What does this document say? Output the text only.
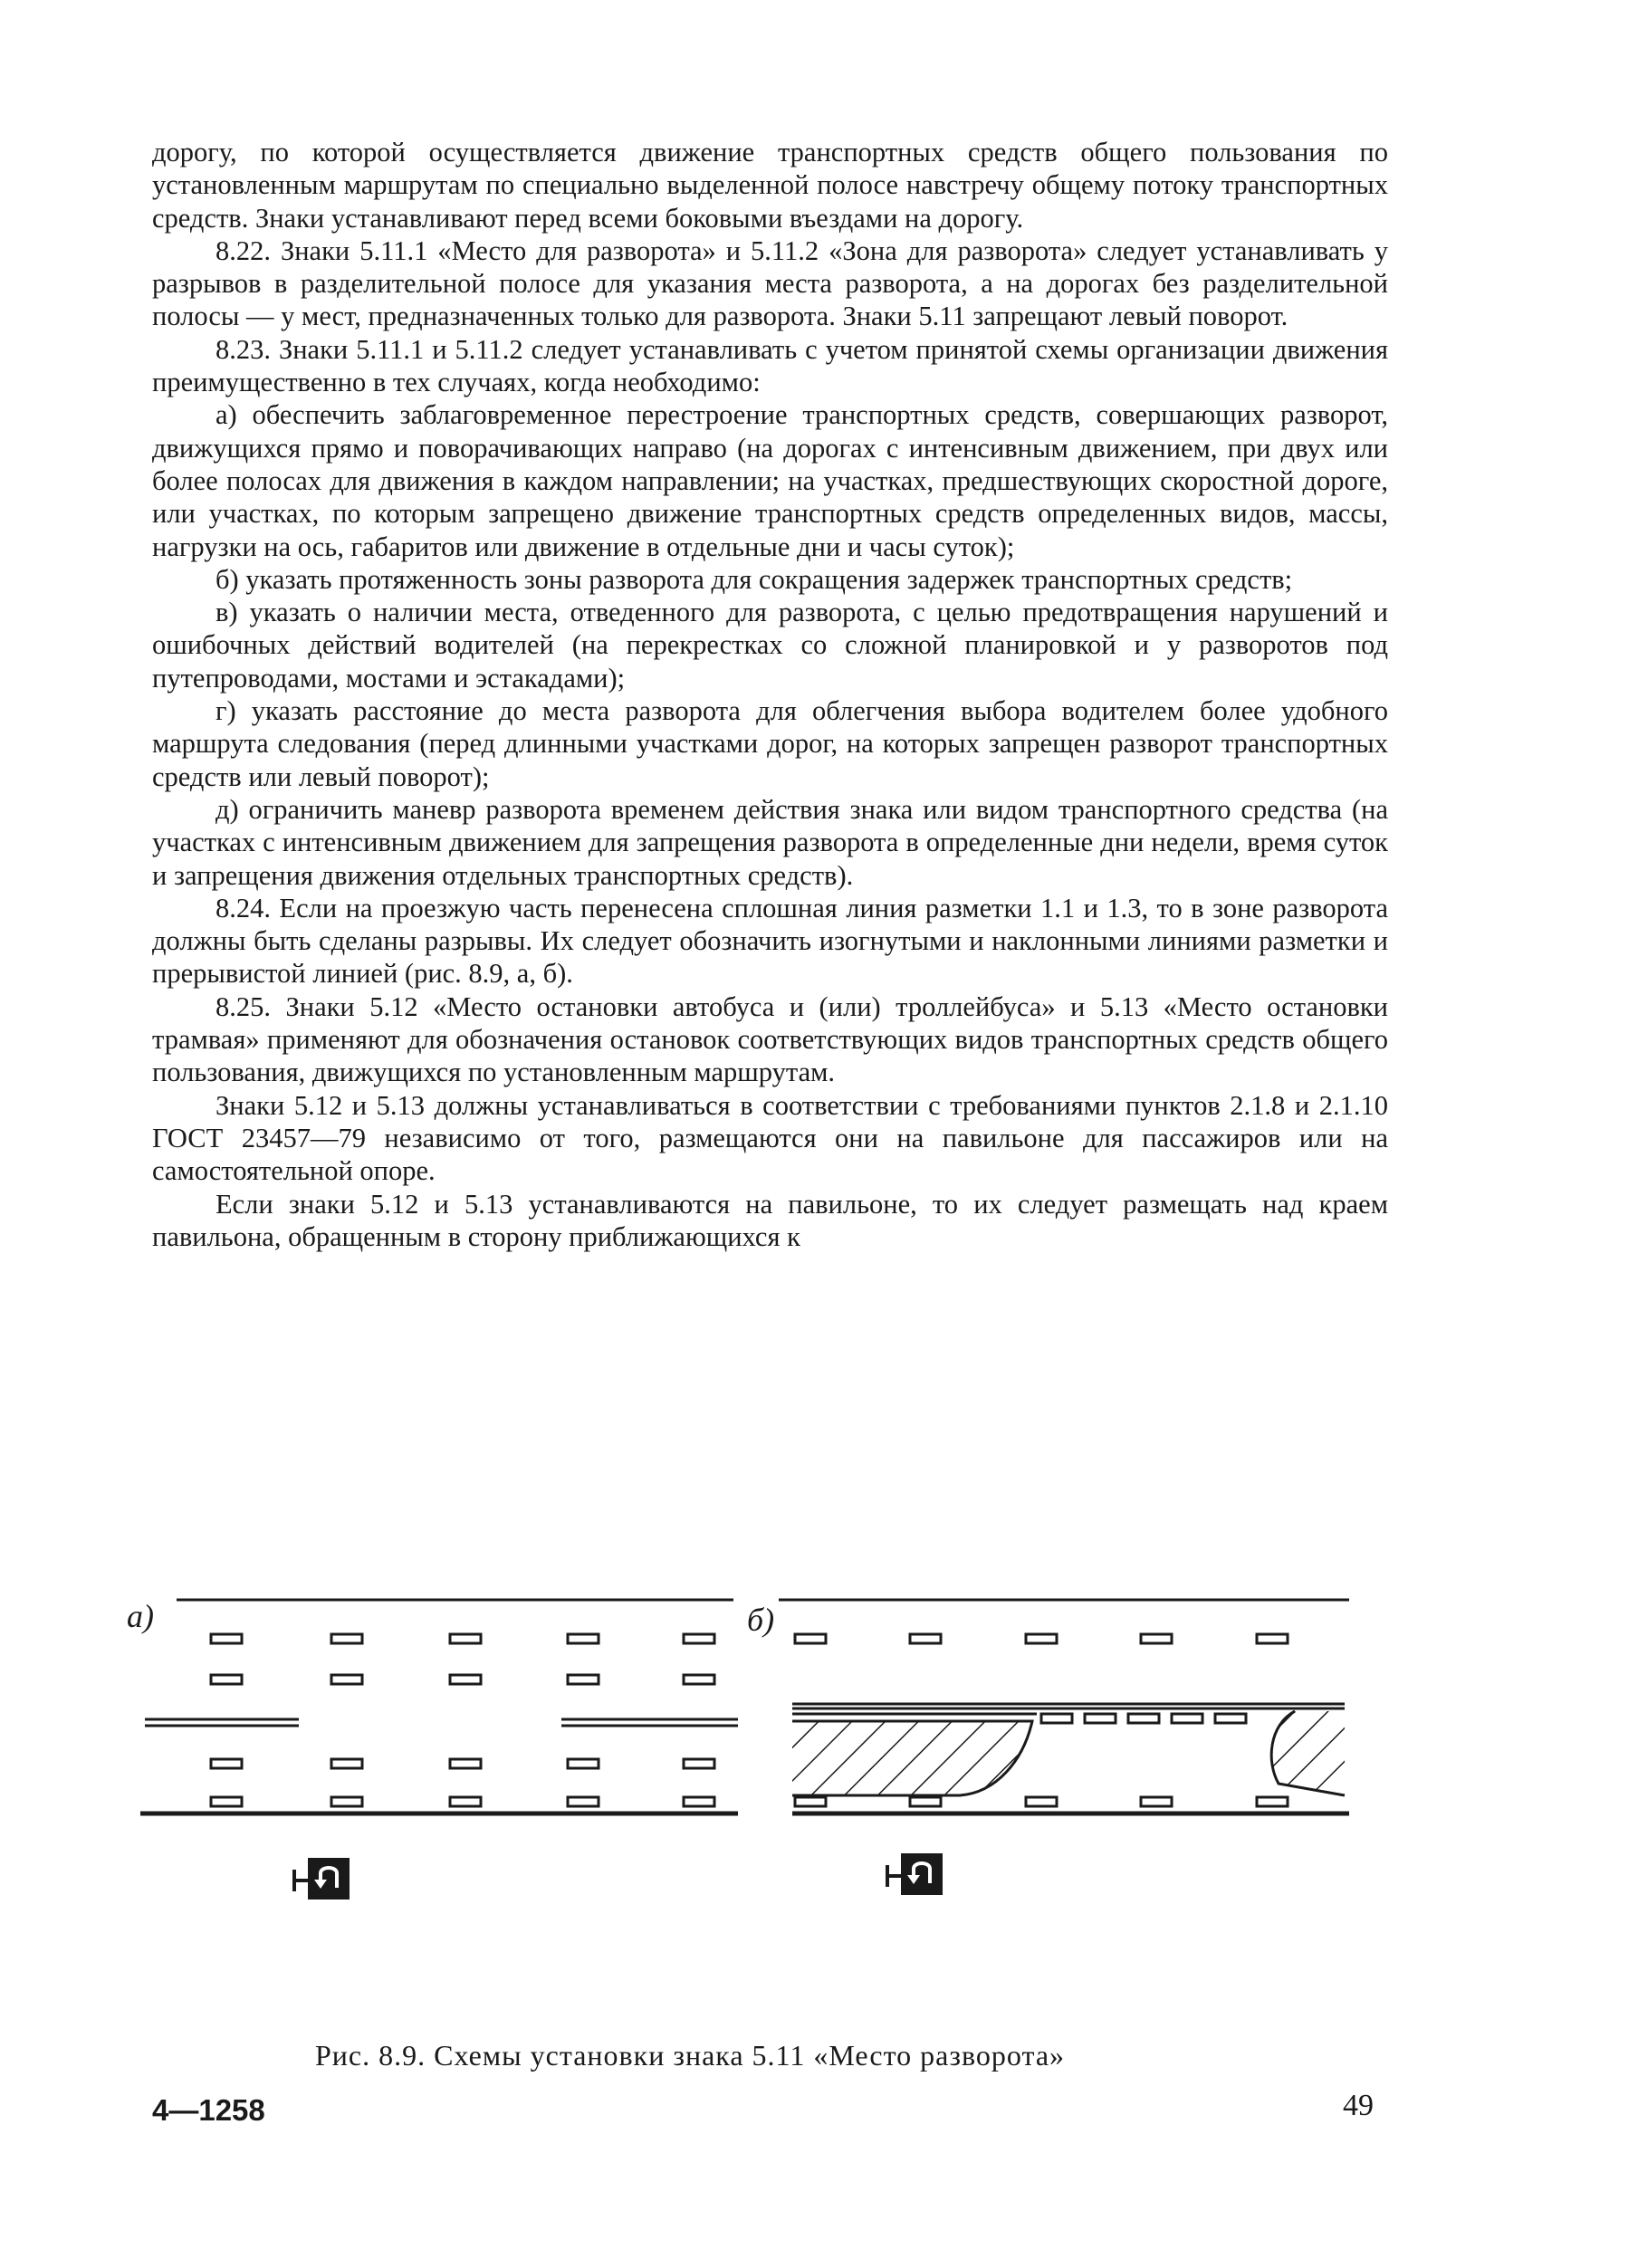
дорогу, по которой осуществляется движение транспортных средств общего пользования по установленным маршрутам по специально выделенной полосе навстречу общему потоку транспортных средств. Знаки устанавливают перед всеми боковыми въездами на дорогу.

8.22. Знаки 5.11.1 «Место для разворота» и 5.11.2 «Зона для разворота» следует устанавливать у разрывов в разделительной полосе для указания места разворота, а на дорогах без разделительной полосы — у мест, предназначенных только для разворота. Знаки 5.11 запрещают левый поворот.

8.23. Знаки 5.11.1 и 5.11.2 следует устанавливать с учетом принятой схемы организации движения преимущественно в тех случаях, когда необходимо:

а) обеспечить заблаговременное перестроение транспортных средств, совершающих разворот, движущихся прямо и поворачивающих направо (на дорогах с интенсивным движением, при двух или более полосах для движения в каждом направлении; на участках, предшествующих скоростной дороге, или участках, по которым запрещено движение транспортных средств определенных видов, массы, нагрузки на ось, габаритов или движение в отдельные дни и часы суток);

б) указать протяженность зоны разворота для сокращения задержек транспортных средств;

в) указать о наличии места, отведенного для разворота, с целью предотвращения нарушений и ошибочных действий водителей (на перекрестках со сложной планировкой и у разворотов под путепроводами, мостами и эстакадами);

г) указать расстояние до места разворота для облегчения выбора водителем более удобного маршрута следования (перед длинными участками дорог, на которых запрещен разворот транспортных средств или левый поворот);

д) ограничить маневр разворота временем действия знака или видом транспортного средства (на участках с интенсивным движением для запрещения разворота в определенные дни недели, время суток и запрещения движения отдельных транспортных средств).

8.24. Если на проезжую часть перенесена сплошная линия разметки 1.1 и 1.3, то в зоне разворота должны быть сделаны разрывы. Их следует обозначить изогнутыми и наклонными линиями разметки и прерывистой линией (рис. 8.9, а, б).

8.25. Знаки 5.12 «Место остановки автобуса и (или) троллейбуса» и 5.13 «Место остановки трамвая» применяют для обозначения остановок соответствующих видов транспортных средств общего пользования, движущихся по установленным маршрутам.

Знаки 5.12 и 5.13 должны устанавливаться в соответствии с требованиями пунктов 2.1.8 и 2.1.10 ГОСТ 23457—79 независимо от того, размещаются они на павильоне для пассажиров или на самостоятельной опоре.

Если знаки 5.12 и 5.13 устанавливаются на павильоне, то их следует размещать над краем павильона, обращенным в сторону приближающихся к

а)	б)
Рис. 8.9. Схемы установки знака 5.11 «Место разворота»
4—1258	49
